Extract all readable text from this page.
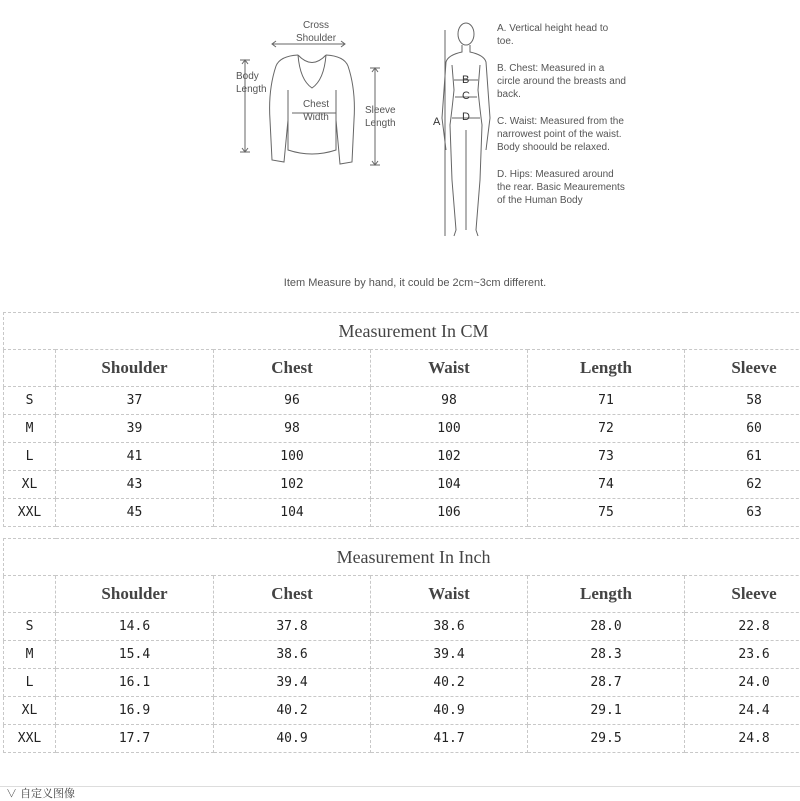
Cross
Shoulder
Body
Length
Chest
Width
Sleeve
Length	A
B
C
D

A. Vertical height head to toe.

B. Chest: Measured in a circle around the breasts and back.

C. Waist: Measured from the narrowest point of the waist. Body shoould be relaxed.

D. Hips: Measured around the rear. Basic Meaurements of the Human Body

Item Measure by hand, it could be 2cm~3cm different.
Measurement In CM					
	Shoulder	Chest	Waist	Length	Sleeve
S	37	96	98	71	58
M	39	98	100	72	60
L	41	100	102	73	61
XL	43	102	104	74	62
XXL	45	104	106	75	63
Measurement In Inch					
	Shoulder	Chest	Waist	Length	Sleeve
S	14.6	37.8	38.6	28.0	22.8
M	15.4	38.6	39.4	28.3	23.6
L	16.1	39.4	40.2	28.7	24.0
XL	16.9	40.2	40.9	29.1	24.4
XXL	17.7	40.9	41.7	29.5	24.8
∨ 自定义图像
